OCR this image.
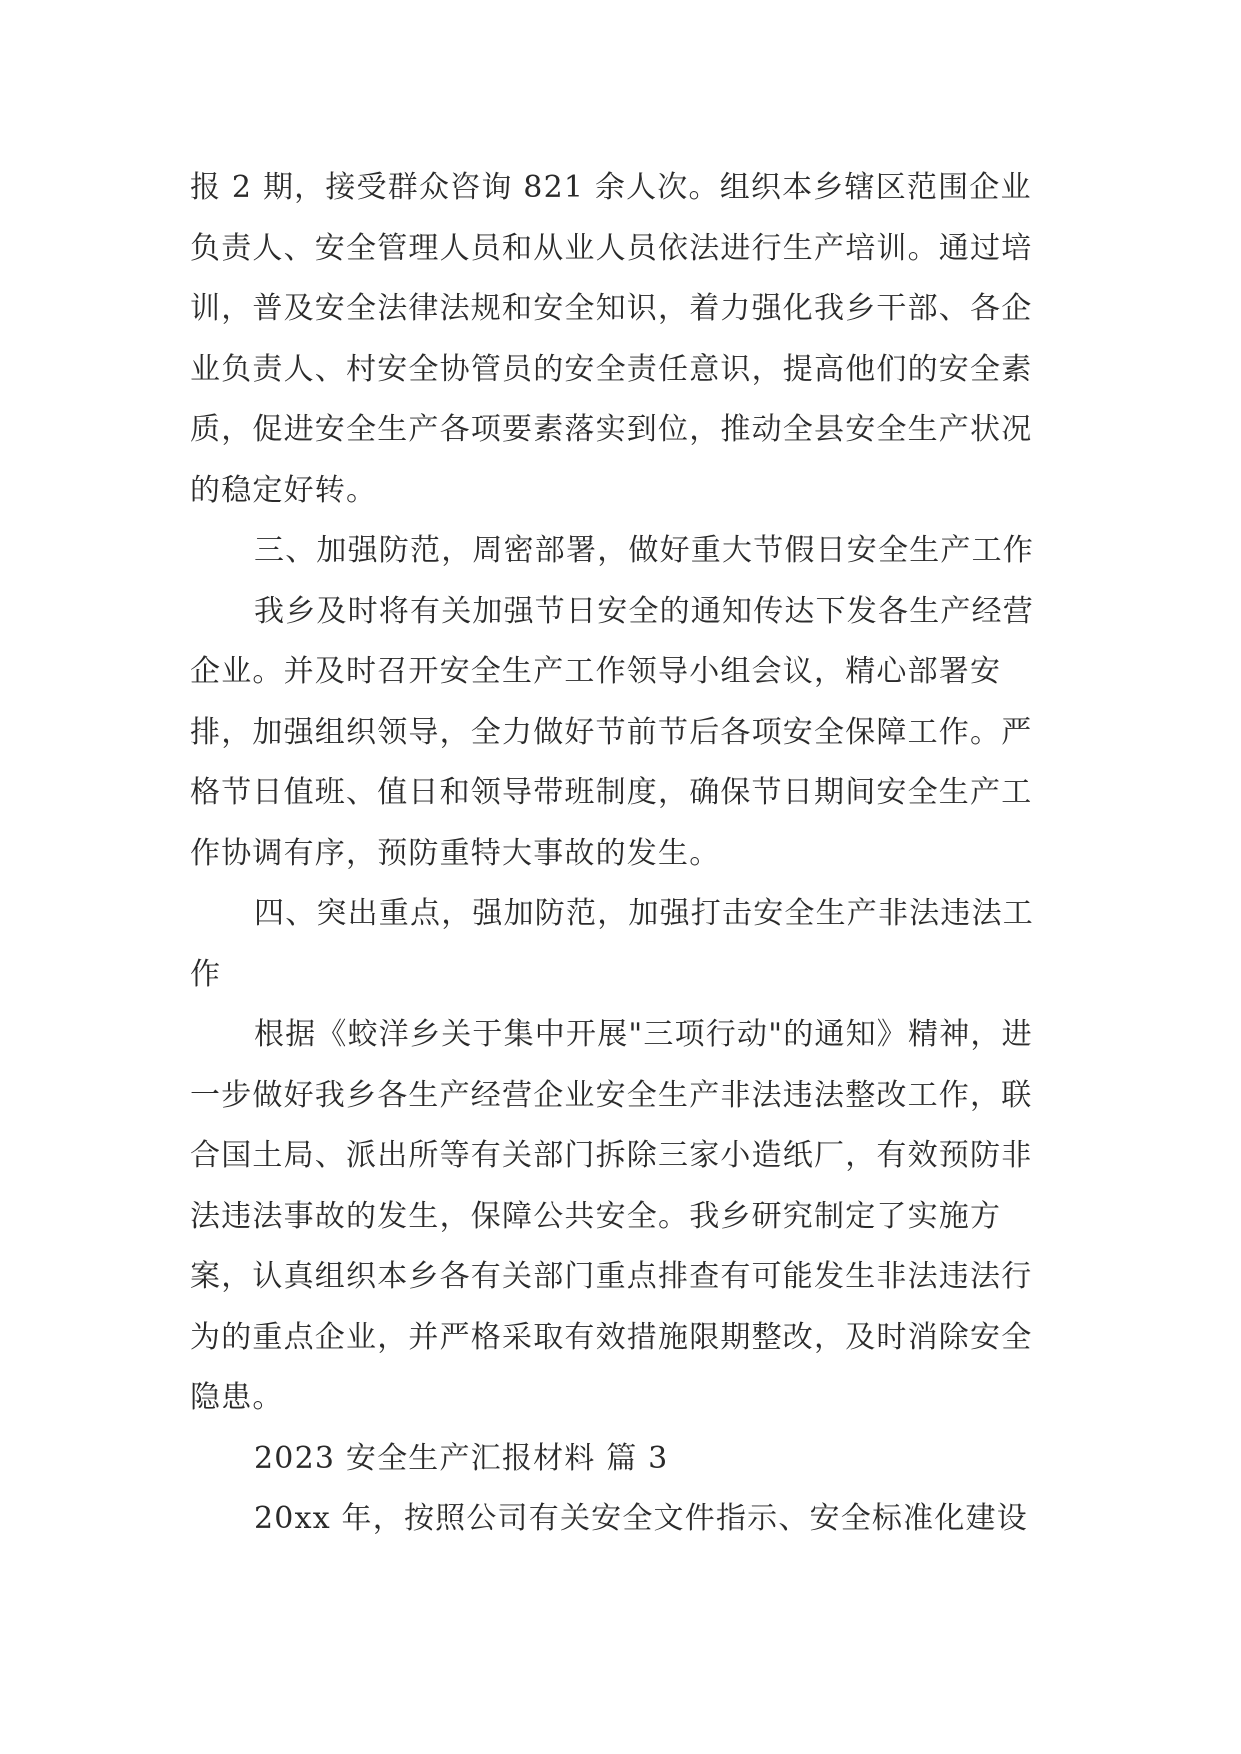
报 2 期，接受群众咨询 821 余人次。组织本乡辖区范围企业负责人、安全管理人员和从业人员依法进行生产培训。通过培训，普及安全法律法规和安全知识，着力强化我乡干部、各企业负责人、村安全协管员的安全责任意识，提高他们的安全素质，促进安全生产各项要素落实到位，推动全县安全生产状况的稳定好转。

三、加强防范，周密部署，做好重大节假日安全生产工作

我乡及时将有关加强节日安全的通知传达下发各生产经营企业。并及时召开安全生产工作领导小组会议，精心部署安排，加强组织领导，全力做好节前节后各项安全保障工作。严格节日值班、值日和领导带班制度，确保节日期间安全生产工作协调有序，预防重特大事故的发生。

四、突出重点，强加防范，加强打击安全生产非法违法工作

根据《蛟洋乡关于集中开展"三项行动"的通知》精神，进一步做好我乡各生产经营企业安全生产非法违法整改工作，联合国土局、派出所等有关部门拆除三家小造纸厂，有效预防非法违法事故的发生，保障公共安全。我乡研究制定了实施方案，认真组织本乡各有关部门重点排查有可能发生非法违法行为的重点企业，并严格采取有效措施限期整改，及时消除安全隐患。

2023 安全生产汇报材料 篇 3

20xx 年，按照公司有关安全文件指示、安全标准化建设
